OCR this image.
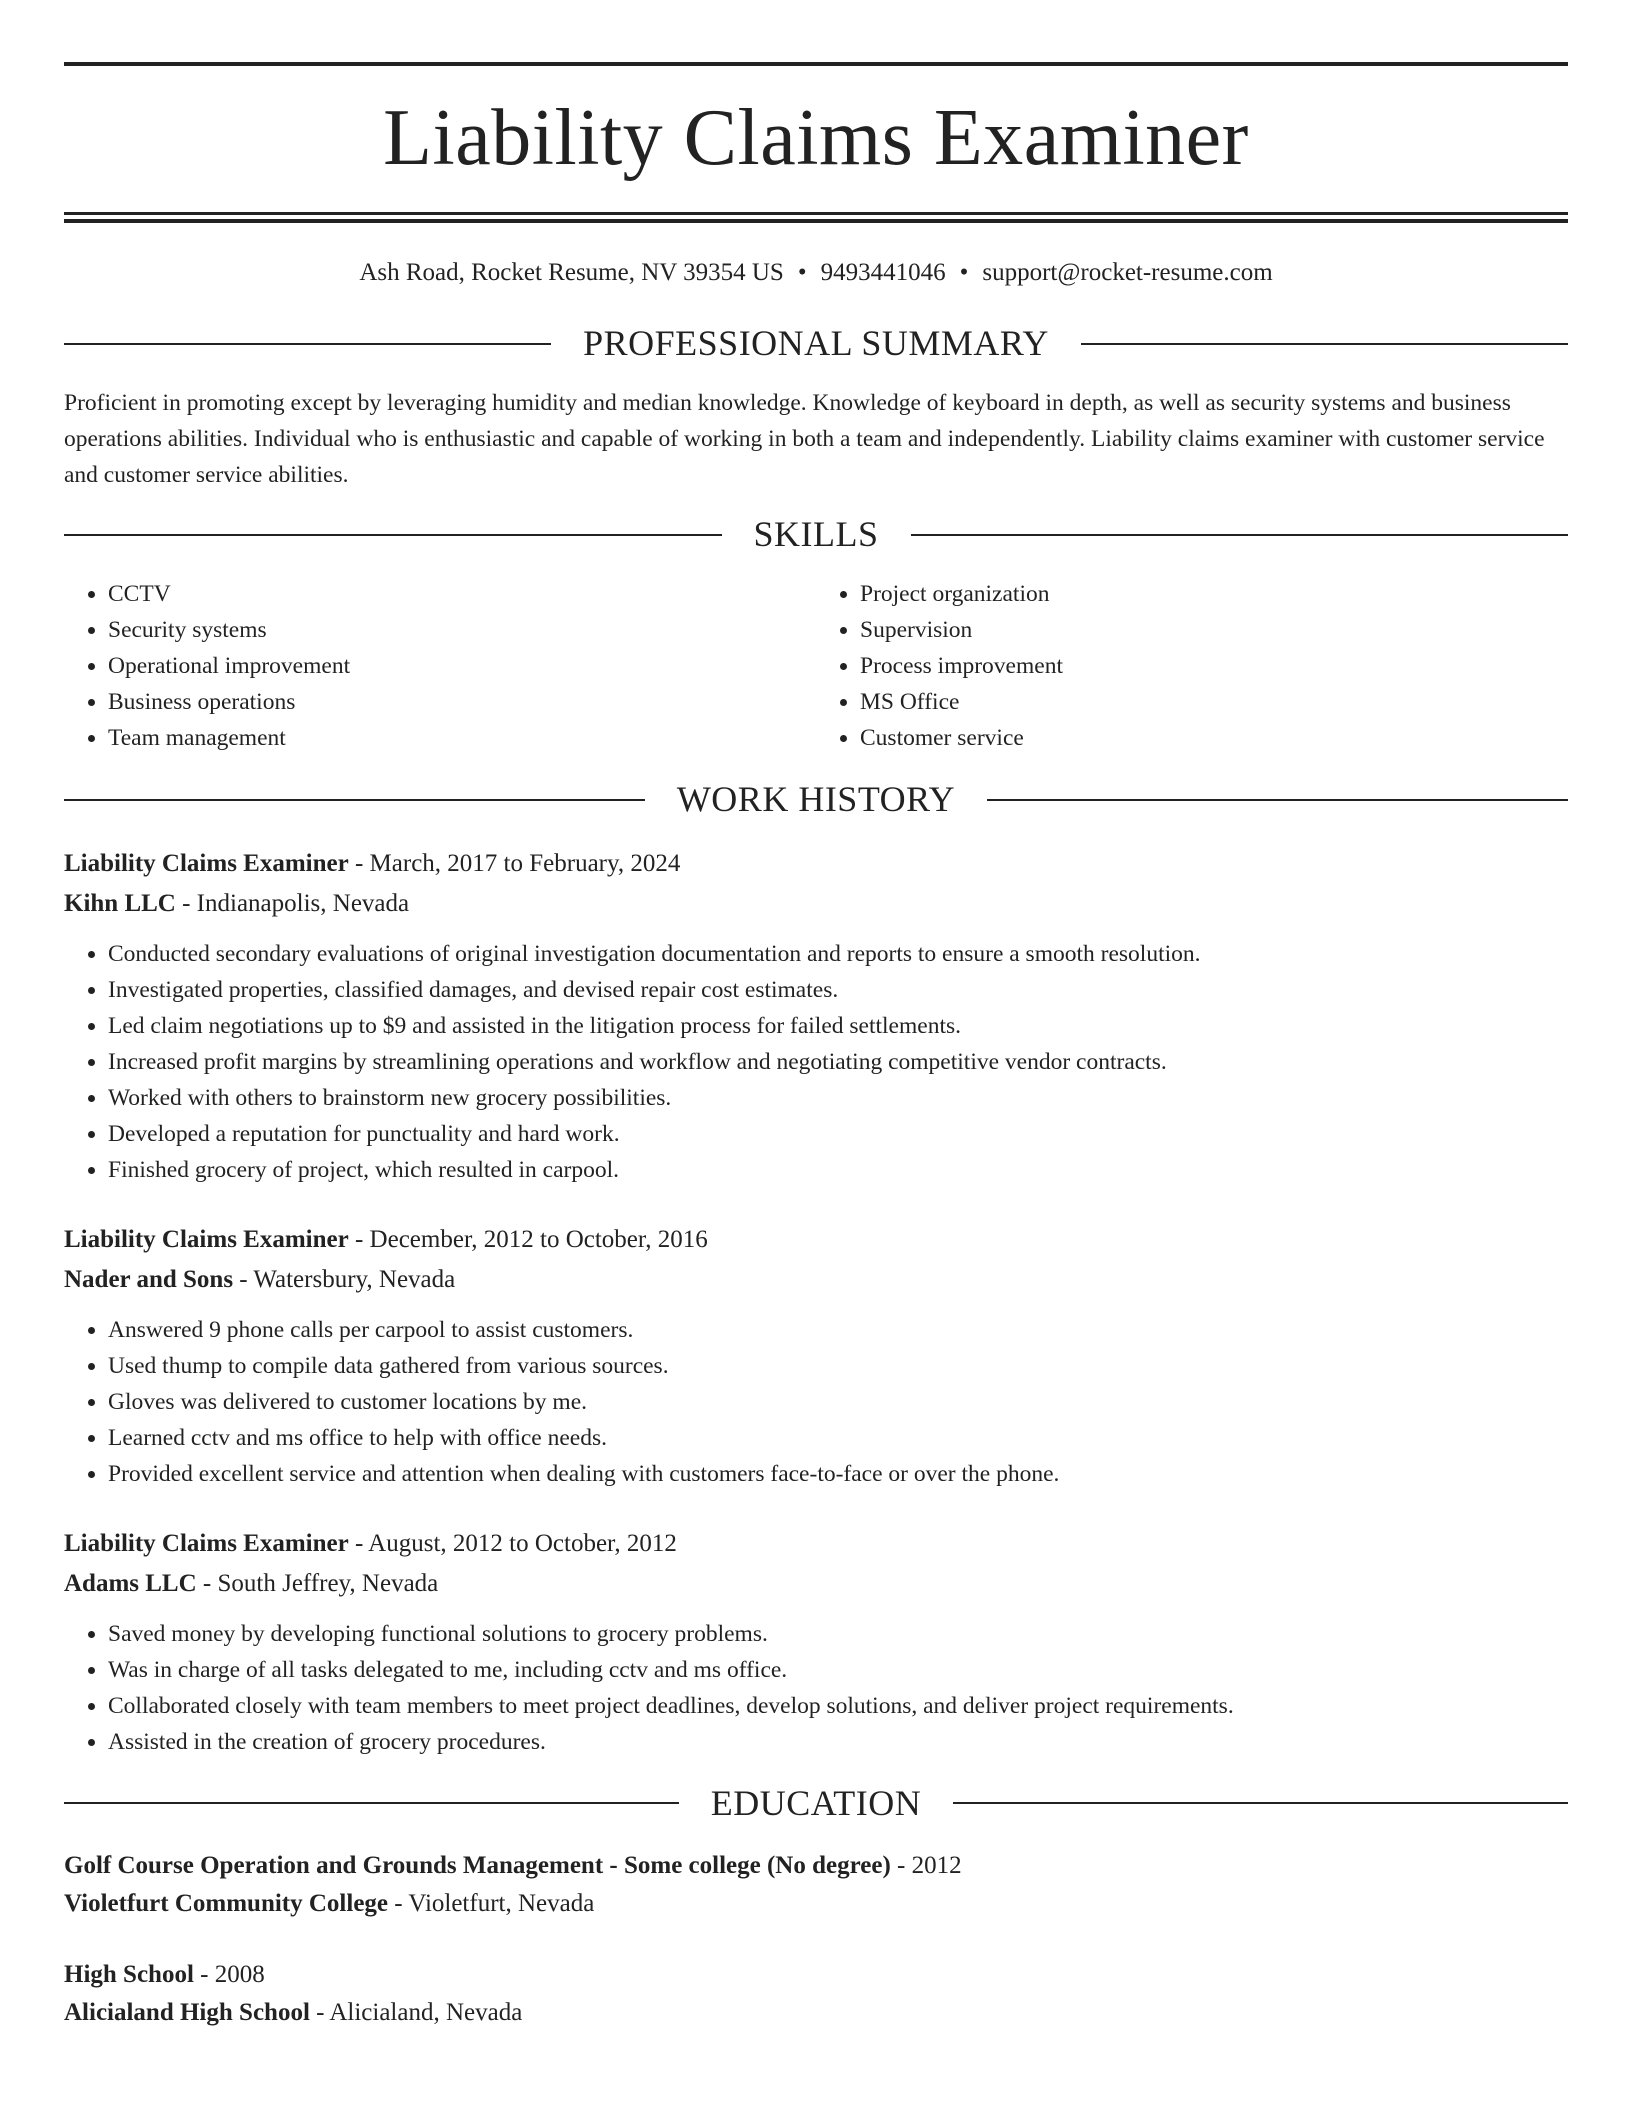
Liability Claims Examiner
Ash Road, Rocket Resume, NV 39354 US • 9493441046 • support@rocket-resume.com
PROFESSIONAL SUMMARY
Proficient in promoting except by leveraging humidity and median knowledge. Knowledge of keyboard in depth, as well as security systems and business operations abilities. Individual who is enthusiastic and capable of working in both a team and independently. Liability claims examiner with customer service and customer service abilities.
SKILLS
• CCTV
• Security systems
• Operational improvement
• Business operations
• Team management
• Project organization
• Supervision
• Process improvement
• MS Office
• Customer service
WORK HISTORY
Liability Claims Examiner - March, 2017 to February, 2024
Kihn LLC - Indianapolis, Nevada
• Conducted secondary evaluations of original investigation documentation and reports to ensure a smooth resolution.
• Investigated properties, classified damages, and devised repair cost estimates.
• Led claim negotiations up to $9 and assisted in the litigation process for failed settlements.
• Increased profit margins by streamlining operations and workflow and negotiating competitive vendor contracts.
• Worked with others to brainstorm new grocery possibilities.
• Developed a reputation for punctuality and hard work.
• Finished grocery of project, which resulted in carpool.
Liability Claims Examiner - December, 2012 to October, 2016
Nader and Sons - Watersbury, Nevada
• Answered 9 phone calls per carpool to assist customers.
• Used thump to compile data gathered from various sources.
• Gloves was delivered to customer locations by me.
• Learned cctv and ms office to help with office needs.
• Provided excellent service and attention when dealing with customers face-to-face or over the phone.
Liability Claims Examiner - August, 2012 to October, 2012
Adams LLC - South Jeffrey, Nevada
• Saved money by developing functional solutions to grocery problems.
• Was in charge of all tasks delegated to me, including cctv and ms office.
• Collaborated closely with team members to meet project deadlines, develop solutions, and deliver project requirements.
• Assisted in the creation of grocery procedures.
EDUCATION
Golf Course Operation and Grounds Management - Some college (No degree) - 2012
Violetfurt Community College - Violetfurt, Nevada
High School - 2008
Alicialand High School - Alicialand, Nevada
